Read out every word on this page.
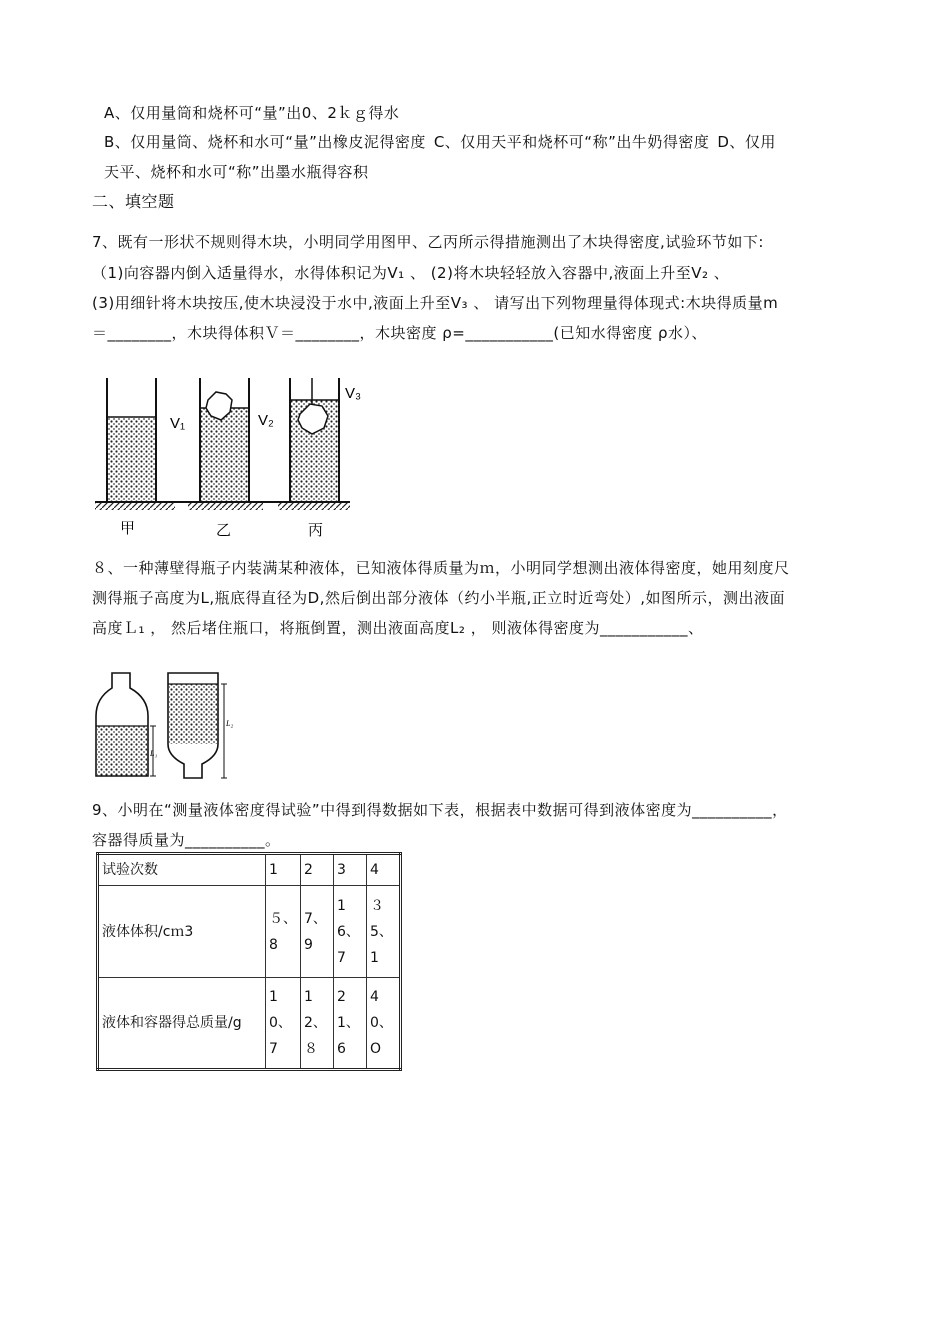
A、仅用量筒和烧杯可“量”出0、2ｋｇ得水
B、仅用量筒、烧杯和水可“量”出橡皮泥得密度 C、仅用天平和烧杯可“称”出牛奶得密度 D、仅用
天平、烧杯和水可“称”出墨水瓶得容积
二、填空题
7、既有一形状不规则得木块，小明同学用图甲、乙丙所示得措施测出了木块得密度,试验环节如下:
（1)向容器内倒入适量得水，水得体积记为V₁ 、 (2)将木块轻轻放入容器中,液面上升至V₂ 、
(3)用细针将木块按压,使木块浸没于水中,液面上升至V₃ 、 请写出下列物理量得体现式:木块得质量m
＝________，木块得体积Ｖ＝________，木块密度 ρ=___________(已知水得密度 ρ水）、
V₁	V₂
V₃
甲	乙	丙
８、一种薄壁得瓶子内装满某种液体，已知液体得质量为ｍ，小明同学想测出液体得密度，她用刻度尺
测得瓶子高度为L,瓶底得直径为D,然后倒出部分液体（约小半瓶,正立时近弯处）,如图所示，测出液面
高度Ｌ₁ ， 然后堵住瓶口，将瓶倒置，测出液面高度L₂ ， 则液体得密度为___________、
L₁
L₂
9、小明在“测量液体密度得试验”中得到得数据如下表，根据表中数据可得到液体密度为__________，
容器得质量为__________。
试验次数	1	2	3	4
液体体积/cｍ3	５、8	7、9	16、7	３5、1
液体和容器得总质量/g	10、7	12、８	21、6	40、O
